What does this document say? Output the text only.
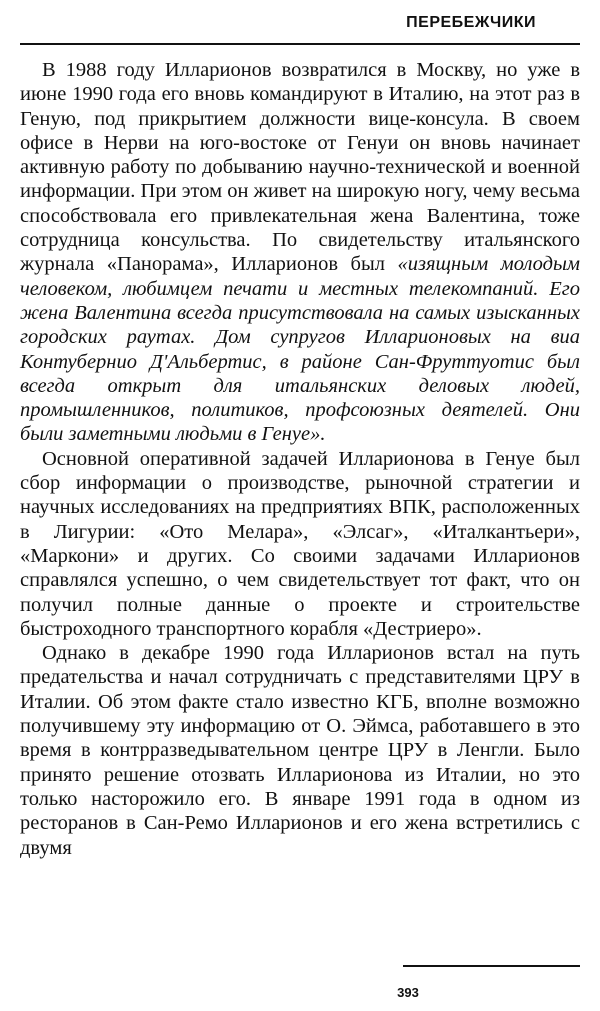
ПЕРЕБЕЖЧИКИ

В 1988 году Илларионов возвратился в Москву, но уже в июне 1990 года его вновь командируют в Италию, на этот раз в Геную, под прикрытием должности вице-консула. В своем офисе в Нерви на юго-востоке от Генуи он вновь начинает активную работу по добыванию научно-технической и военной информации. При этом он живет на широкую ногу, чему весьма способствовала его привлекательная жена Валентина, тоже сотрудница консульства. По свидетельству итальянского журнала «Панорама», Илларионов был «изящным молодым человеком, любимцем печати и местных телекомпаний. Его жена Валентина всегда присутствовала на самых изысканных городских раутах. Дом супругов Илларионовых на виа Контубернио Д'Альбертис, в районе Сан-Фруттуотис был всегда открыт для итальянских деловых людей, промышленников, политиков, профсоюзных деятелей. Они были заметными людьми в Генуе».

Основной оперативной задачей Илларионова в Генуе был сбор информации о производстве, рыночной стратегии и научных исследованиях на предприятиях ВПК, расположенных в Лигурии: «Ото Мелара», «Элсаг», «Италкантьери», «Маркони» и других. Со своими задачами Илларионов справлялся успешно, о чем свидетельствует тот факт, что он получил полные данные о проекте и строительстве быстроходного транспортного корабля «Дестриеро».

Однако в декабре 1990 года Илларионов встал на путь предательства и начал сотрудничать с представителями ЦРУ в Италии. Об этом факте стало известно КГБ, вполне возможно получившему эту информацию от О. Эймса, работавшего в это время в контрразведывательном центре ЦРУ в Ленгли. Было принято решение отозвать Илларионова из Италии, но это только насторожило его. В январе 1991 года в одном из ресторанов в Сан-Ремо Илларионов и его жена встретились с двумя

393
